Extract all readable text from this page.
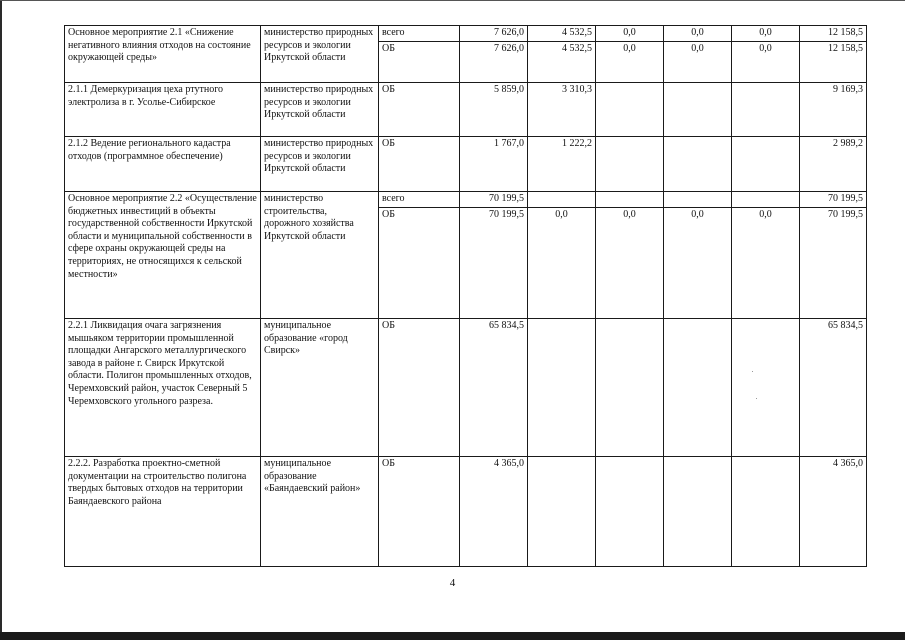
Основное мероприятие 2.1 «Снижение негативного влияния отходов на состояние окружающей среды»	министерство природных ресурсов и экологии Иркутской области	всего	7 626,0	4 532,5	0,0	0,0	0,0	12 158,5
		ОБ	7 626,0	4 532,5	0,0	0,0	0,0	12 158,5
2.1.1 Демеркуризация цеха ртутного электролиза в г. Усолье-Сибирское	министерство природных ресурсов и экологии Иркутской области	ОБ	5 859,0	3 310,3				9 169,3
2.1.2 Ведение регионального кадастра отходов (программное обеспечение)	министерство природных ресурсов и экологии Иркутской области	ОБ	1 767,0	1 222,2				2 989,2
Основное мероприятие 2.2 «Осуществление бюджетных инвестиций в объекты государственной собственности Иркутской области и муниципальной собственности в сфере охраны окружающей среды на территориях, не относящихся к сельской местности»	министерство строительства, дорожного хозяйства Иркутской области	всего	70 199,5					70 199,5
		ОБ	70 199,5	0,0	0,0	0,0	0,0	70 199,5
2.2.1 Ликвидация очага загрязнения мышьяком территории промышленной площадки Ангарского металлургического завода в районе г. Свирск Иркутской области. Полигон промышленных отходов, Черемховский район, участок Северный 5 Черемховского угольного разреза.	муниципальное образование «город Свирск»	ОБ	65 834,5					65 834,5
2.2.2. Разработка проектно-сметной документации на строительство полигона твердых бытовых отходов на территории Баяндаевского района	муниципальное образование «Баяндаевский район»	ОБ	4 365,0					4 365,0
4
